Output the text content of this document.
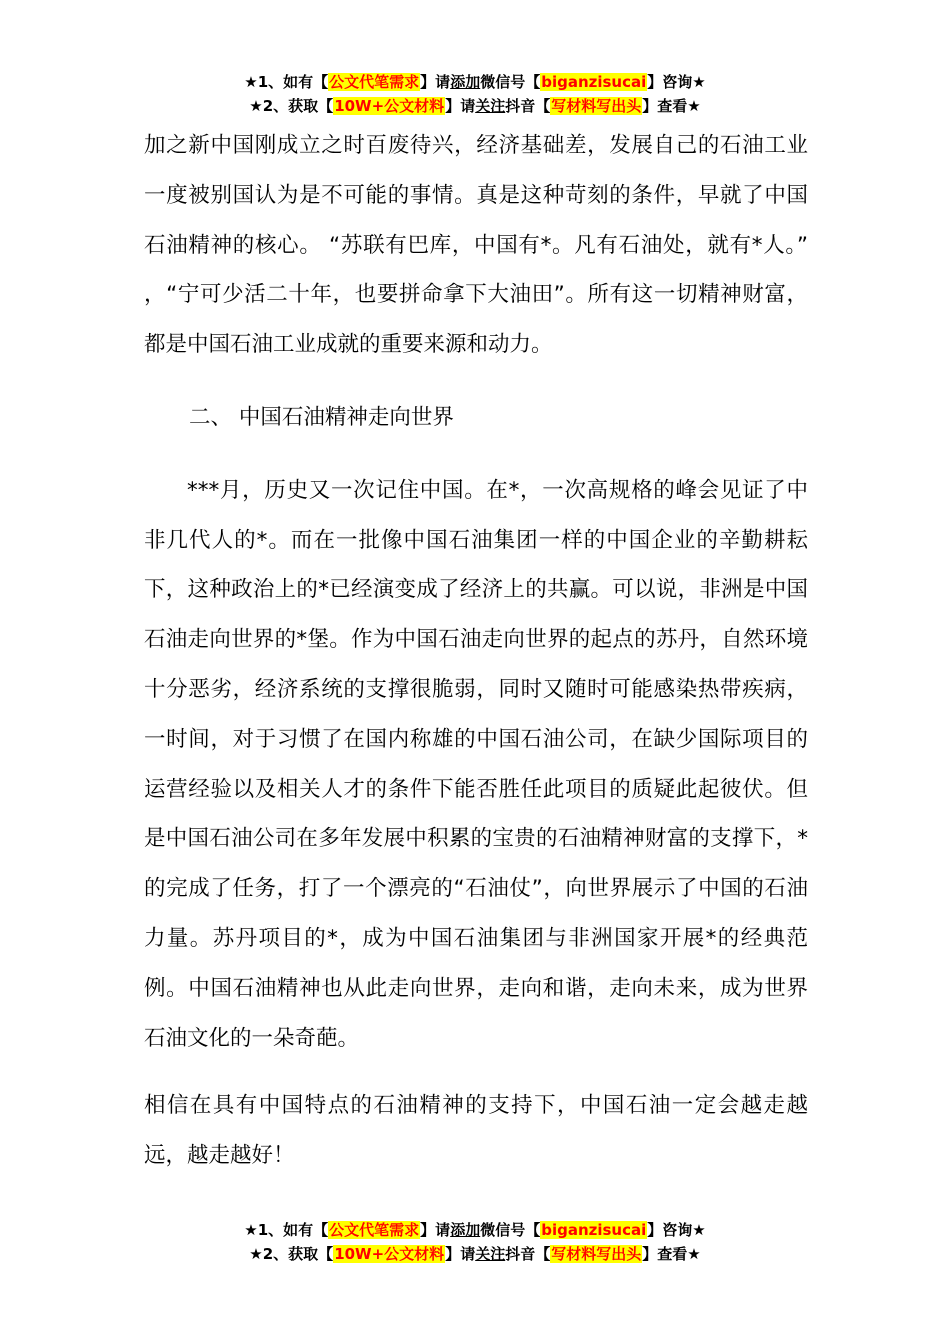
★1、如有【公文代笔需求】请添加微信号【biganzisucai】咨询★
★2、获取【10W+公文材料】请关注抖音【写材料写出头】查看★

加之新中国刚成立之时百废待兴，经济基础差，发展自己的石油工业一度被别国认为是不可能的事情。真是这种苛刻的条件，早就了中国石油精神的核心。 “苏联有巴库，中国有*。凡有石油处，就有*人。” ，“宁可少活二十年，也要拼命拿下大油田”。所有这一切精神财富，都是中国石油工业成就的重要来源和动力。

二、 中国石油精神走向世界

***月，历史又一次记住中国。在*，一次高规格的峰会见证了中非几代人的*。而在一批像中国石油集团一样的中国企业的辛勤耕耘下，这种政治上的*已经演变成了经济上的共赢。可以说，非洲是中国石油走向世界的*堡。作为中国石油走向世界的起点的苏丹，自然环境十分恶劣，经济系统的支撑很脆弱，同时又随时可能感染热带疾病，一时间，对于习惯了在国内称雄的中国石油公司，在缺少国际项目的运营经验以及相关人才的条件下能否胜任此项目的质疑此起彼伏。但是中国石油公司在多年发展中积累的宝贵的石油精神财富的支撑下，*的完成了任务，打了一个漂亮的“石油仗”，向世界展示了中国的石油力量。苏丹项目的*，成为中国石油集团与非洲国家开展*的经典范例。中国石油精神也从此走向世界，走向和谐，走向未来，成为世界石油文化的一朵奇葩。

相信在具有中国特点的石油精神的支持下，中国石油一定会越走越远，越走越好！

★1、如有【公文代笔需求】请添加微信号【biganzisucai】咨询★
★2、获取【10W+公文材料】请关注抖音【写材料写出头】查看★
